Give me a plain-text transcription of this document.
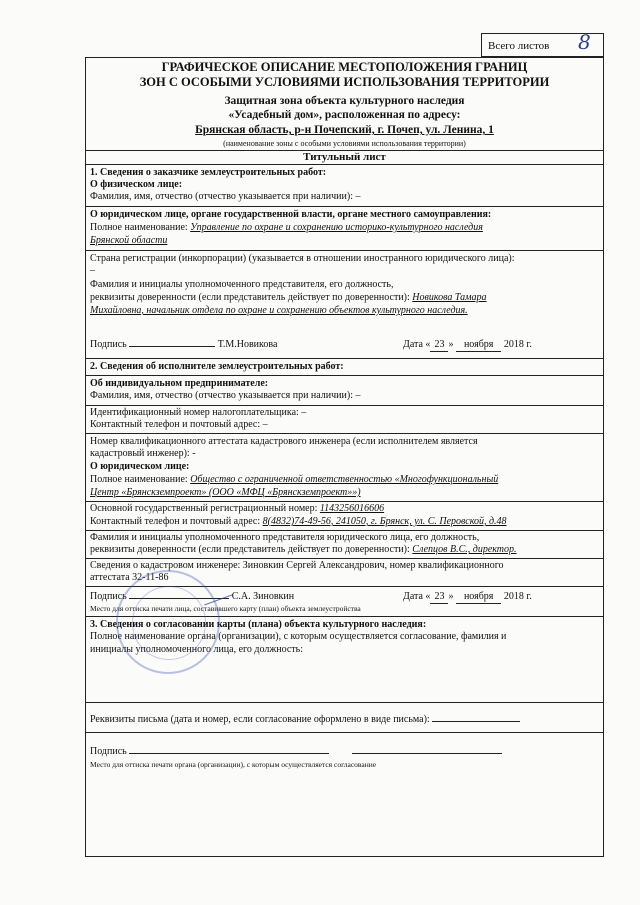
Всего листов 8
ГРАФИЧЕСКОЕ ОПИСАНИЕ МЕСТОПОЛОЖЕНИЯ ГРАНИЦ
ЗОН С ОСОБЫМИ УСЛОВИЯМИ ИСПОЛЬЗОВАНИЯ ТЕРРИТОРИИ
Защитная зона объекта культурного наследия
«Усадебный дом», расположенная по адресу:
Брянская область, р-н Почепский, г. Почеп, ул. Ленина, 1
(наименование зоны с особыми условиями использования территории)
Титульный лист
1. Сведения о заказчике землеустроительных работ:
О физическом лице:
Фамилия, имя, отчество (отчество указывается при наличии): –
О юридическом лице, органе государственной власти, органе местного самоуправления:
Полное наименование: Управление по охране и сохранению историко-культурного наследия
Брянской области
Страна регистрации (инкорпорации) (указывается в отношении иностранного юридического лица):
–
Фамилия и инициалы уполномоченного представителя, его должность,
реквизиты доверенности (если представитель действует по доверенности): Новикова Тамара
Михайловна, начальник отдела по охране и сохранению объектов культурного наследия.
Подпись	Т.М.Новикова	Дата « 23 » ноября 2018 г.
2. Сведения об исполнителе землеустроительных работ:
Об индивидуальном предпринимателе:
Фамилия, имя, отчество (отчество указывается при наличии): –
Идентификационный номер налогоплательщика: –
Контактный телефон и почтовый адрес: –
Номер квалификационного аттестата кадастрового инженера (если исполнителем является
кадастровый инженер): -
О юридическом лице:
Полное наименование: Общество с ограниченной ответственностью «Многофункциональный
Центр «Брянскземпроект» (ООО «МФЦ «Брянскземпроект»»)
Основной государственный регистрационный номер: 1143256016606
Контактный телефон и почтовый адрес: 8(4832)74-49-56, 241050, г. Брянск, ул. С. Перовской, д.48
Фамилия и инициалы уполномоченного представителя юридического лица, его должность,
реквизиты доверенности (если представитель действует по доверенности): Слепцов В.С., директор.
Сведения о кадастровом инженере: Зиновкин Сергей Александрович, номер квалификационного
аттестата 32-11-86
Подпись	С.А. Зиновкин	Дата « 23 » ноября 2018 г.
Место для оттиска печати лица, составившего карту (план) объекта землеустройства
3. Сведения о согласовании карты (плана) объекта культурного наследия:
Полное наименование органа (организации), с которым осуществляется согласование, фамилия и
инициалы уполномоченного лица, его должность:
Реквизиты письма (дата и номер, если согласование оформлено в виде письма):
Подпись
Место для оттиска печати органа (организации), с которым осуществляется согласование
